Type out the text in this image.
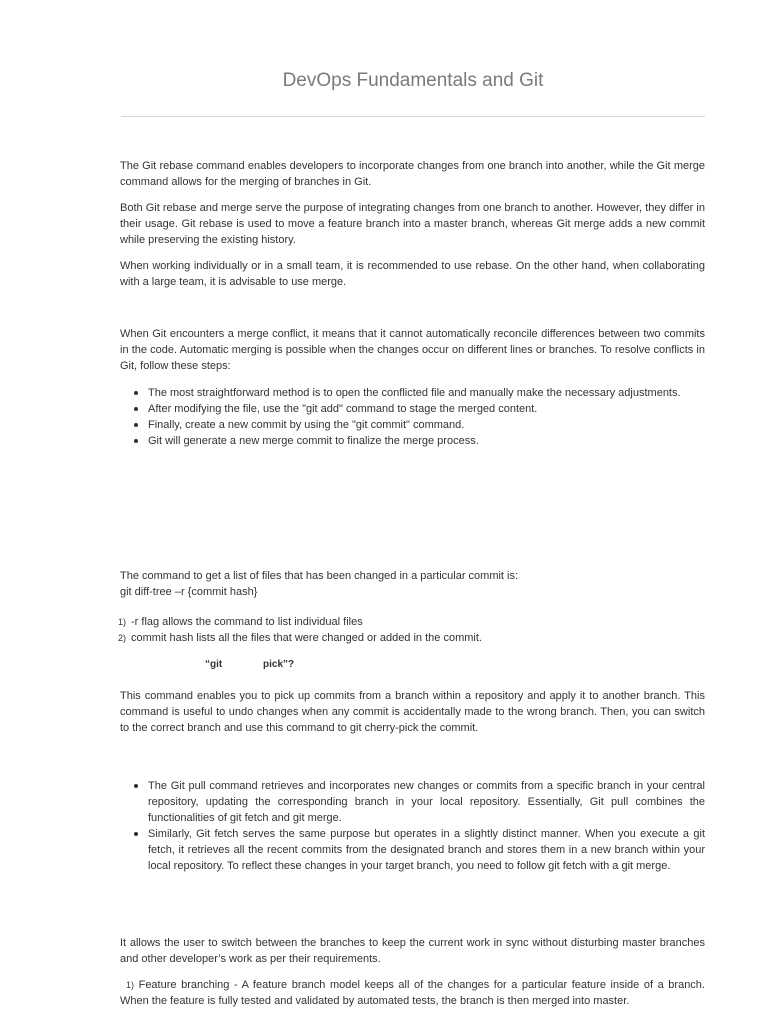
DevOps Fundamentals and Git

The Git rebase command enables developers to incorporate changes from one branch into another, while the Git merge command allows for the merging of branches in Git.

Both Git rebase and merge serve the purpose of integrating changes from one branch to another. However, they differ in their usage. Git rebase is used to move a feature branch into a master branch, whereas Git merge adds a new commit while preserving the existing history.

When working individually or in a small team, it is recommended to use rebase. On the other hand, when collaborating with a large team, it is advisable to use merge.

When Git encounters a merge conflict, it means that it cannot automatically reconcile differences between two commits in the code. Automatic merging is possible when the changes occur on different lines or branches. To resolve conflicts in Git, follow these steps:

The most straightforward method is to open the conflicted file and manually make the necessary adjustments.
After modifying the file, use the "git add" command to stage the merged content.
Finally, create a new commit by using the "git commit" command.
Git will generate a new merge commit to finalize the merge process.

The command to get a list of files that has been changed in a particular commit is:

git diff-tree –r {commit hash}

1) -r flag allows the command to list individual files
2) commit hash lists all the files that were changed or added in the commit.
“git	pick”?

This command enables you to pick up commits from a branch within a repository and apply it to another branch. This command is useful to undo changes when any commit is accidentally made to the wrong branch. Then, you can switch to the correct branch and use this command to git cherry-pick the commit.

The Git pull command retrieves and incorporates new changes or commits from a specific branch in your central repository, updating the corresponding branch in your local repository. Essentially, Git pull combines the functionalities of git fetch and git merge.
Similarly, Git fetch serves the same purpose but operates in a slightly distinct manner. When you execute a git fetch, it retrieves all the recent commits from the designated branch and stores them in a new branch within your local repository. To reflect these changes in your target branch, you need to follow git fetch with a git merge.

It allows the user to switch between the branches to keep the current work in sync without disturbing master branches and other developer’s work as per their requirements.

1) Feature branching - A feature branch model keeps all of the changes for a particular feature inside of a branch. When the feature is fully tested and validated by automated tests, the branch is then merged into master.
